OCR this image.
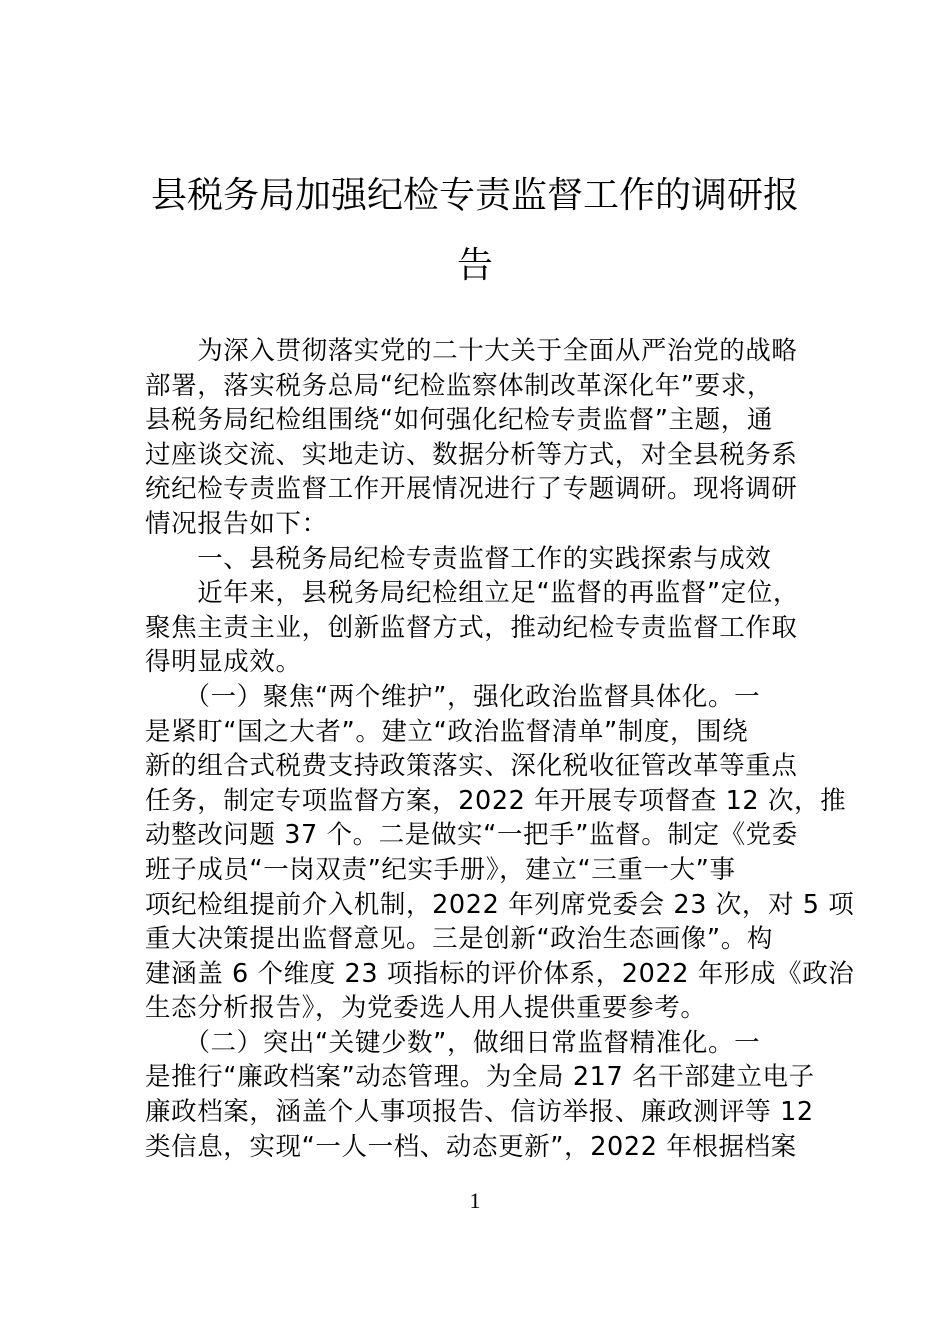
县税务局加强纪检专责监督工作的调研报
告
　　为深入贯彻落实党的二十大关于全面从严治党的战略
部署，落实税务总局“纪检监察体制改革深化年”要求，
县税务局纪检组围绕“如何强化纪检专责监督”主题，通
过座谈交流、实地走访、数据分析等方式，对全县税务系
统纪检专责监督工作开展情况进行了专题调研。现将调研
情况报告如下：
　　一、县税务局纪检专责监督工作的实践探索与成效
　　近年来，县税务局纪检组立足“监督的再监督”定位，
聚焦主责主业，创新监督方式，推动纪检专责监督工作取
得明显成效。
　　（一）聚焦“两个维护”，强化政治监督具体化。一
是紧盯“国之大者”。建立“政治监督清单”制度，围绕
新的组合式税费支持政策落实、深化税收征管改革等重点
任务，制定专项监督方案，2022 年开展专项督查 12 次，推
动整改问题 37 个。二是做实“一把手”监督。制定《党委
班子成员“一岗双责”纪实手册》，建立“三重一大”事
项纪检组提前介入机制，2022 年列席党委会 23 次，对 5 项
重大决策提出监督意见。三是创新“政治生态画像”。构
建涵盖 6 个维度 23 项指标的评价体系，2022 年形成《政治
生态分析报告》，为党委选人用人提供重要参考。
　　（二）突出“关键少数”，做细日常监督精准化。一
是推行“廉政档案”动态管理。为全局 217 名干部建立电子
廉政档案，涵盖个人事项报告、信访举报、廉政测评等 12
类信息，实现“一人一档、动态更新”，2022 年根据档案
1
